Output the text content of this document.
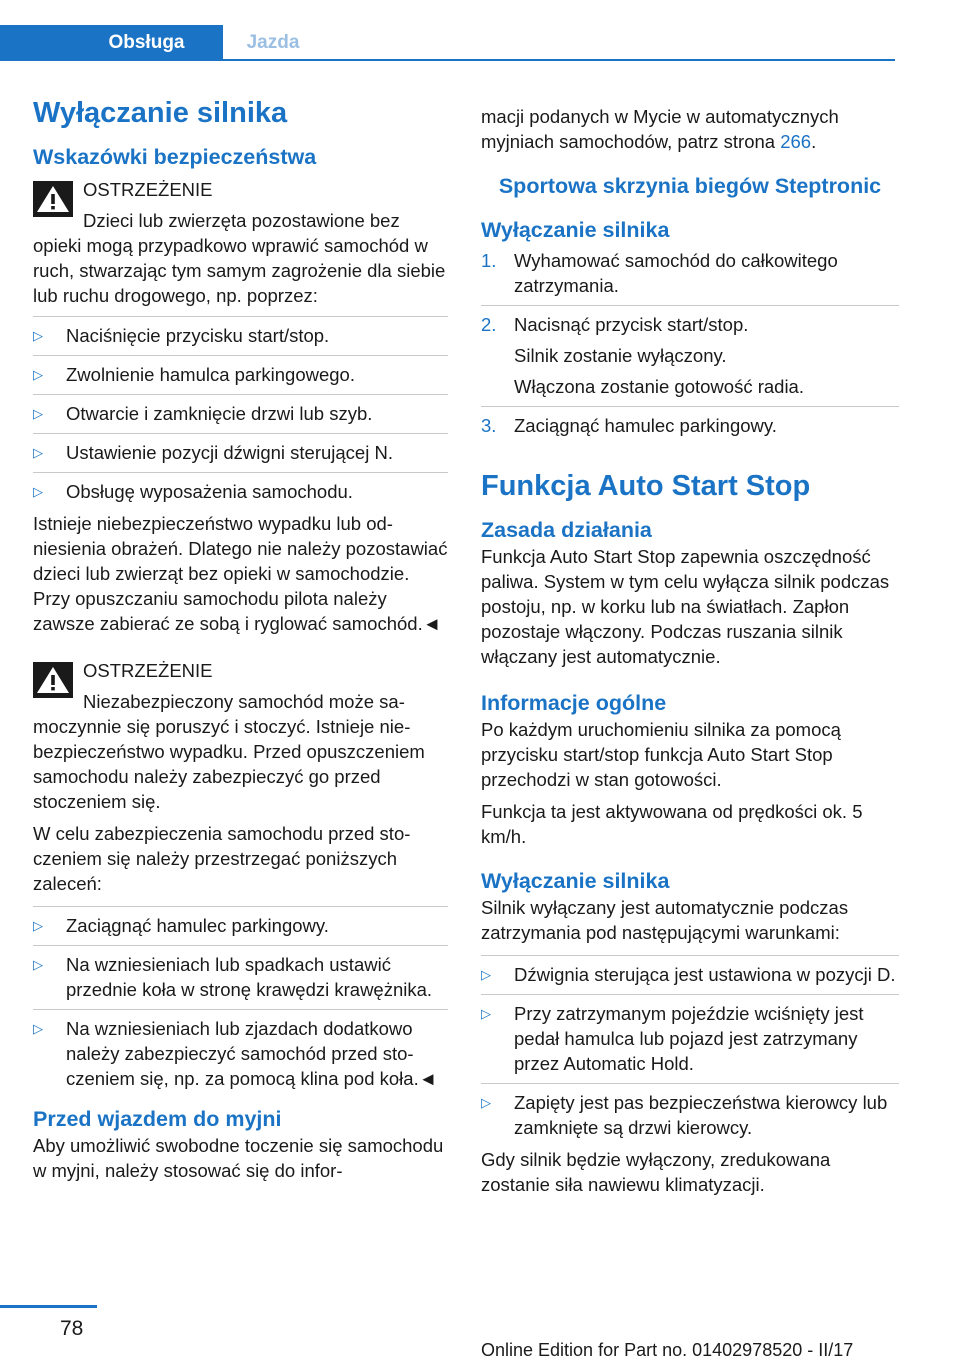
Obsługa	Jazda
Wyłączanie silnika
Wskazówki bezpieczeństwa

OSTRZEŻENIE

Dzieci lub zwierzęta pozostawione bez

opieki mogą przypadkowo wprawić samochód w ruch, stwarzając tym samym zagrożenie dla siebie lub ruchu drogowego, np. poprzez:

▷ Naciśnięcie przycisku start/stop.
▷ Zwolnienie hamulca parkingowego.
▷ Otwarcie i zamknięcie drzwi lub szyb.
▷ Ustawienie pozycji dźwigni sterującej N.
▷ Obsługę wyposażenia samochodu.

Istnieje niebezpieczeństwo wypadku lub odniesienia obrażeń. Dlatego nie należy pozostawiać dzieci lub zwierząt bez opieki w samochodzie. Przy opuszczaniu samochodu pilota należy zawsze zabierać ze sobą i ryglować samochód.◄

OSTRZEŻENIE

Niezabezpieczony samochód może sa-

moczynnie się poruszyć i stoczyć. Istnieje niebezpieczeństwo wypadku. Przed opuszczeniem samochodu należy zabezpieczyć go przed stoczeniem się.

W celu zabezpieczenia samochodu przed stoczeniem się należy przestrzegać poniższych zaleceń:

▷ Zaciągnąć hamulec parkingowy.
▷ Na wzniesieniach lub spadkach ustawić przednie koła w stronę krawędzi krawężnika.
▷ Na wzniesieniach lub zjazdach dodatkowo należy zabezpieczyć samochód przed stoczeniem się, np. za pomocą klina pod koła.◄
Przed wjazdem do myjni

Aby umożliwić swobodne toczenie się samochodu w myjni, należy stosować się do infor-

macji podanych w Mycie w automatycznych myjniach samochodów, patrz strona 266.

Sportowa skrzynia biegów Steptronic
Wyłączanie silnika
1. Wyhamować samochód do całkowitego zatrzymania.
2. Nacisnąć przycisk start/stop.

Silnik zostanie wyłączony.

Włączona zostanie gotowość radia.

3. Zaciągnąć hamulec parkingowy.
Funkcja Auto Start Stop
Zasada działania

Funkcja Auto Start Stop zapewnia oszczędność paliwa. System w tym celu wyłącza silnik podczas postoju, np. w korku lub na światłach. Zapłon pozostaje włączony. Podczas ruszania silnik włączany jest automatycznie.

Informacje ogólne

Po każdym uruchomieniu silnika za pomocą przycisku start/stop funkcja Auto Start Stop przechodzi w stan gotowości.

Funkcja ta jest aktywowana od prędkości ok. 5 km/h.

Wyłączanie silnika

Silnik wyłączany jest automatycznie podczas zatrzymania pod następującymi warunkami:

▷ Dźwignia sterująca jest ustawiona w pozycji D.
▷ Przy zatrzymanym pojeździe wciśnięty jest pedał hamulca lub pojazd jest zatrzymany przez Automatic Hold.
▷ Zapięty jest pas bezpieczeństwa kierowcy lub zamknięte są drzwi kierowcy.

Gdy silnik będzie wyłączony, zredukowana zostanie siła nawiewu klimatyzacji.

78
Online Edition for Part no. 01402978520 - II/17
